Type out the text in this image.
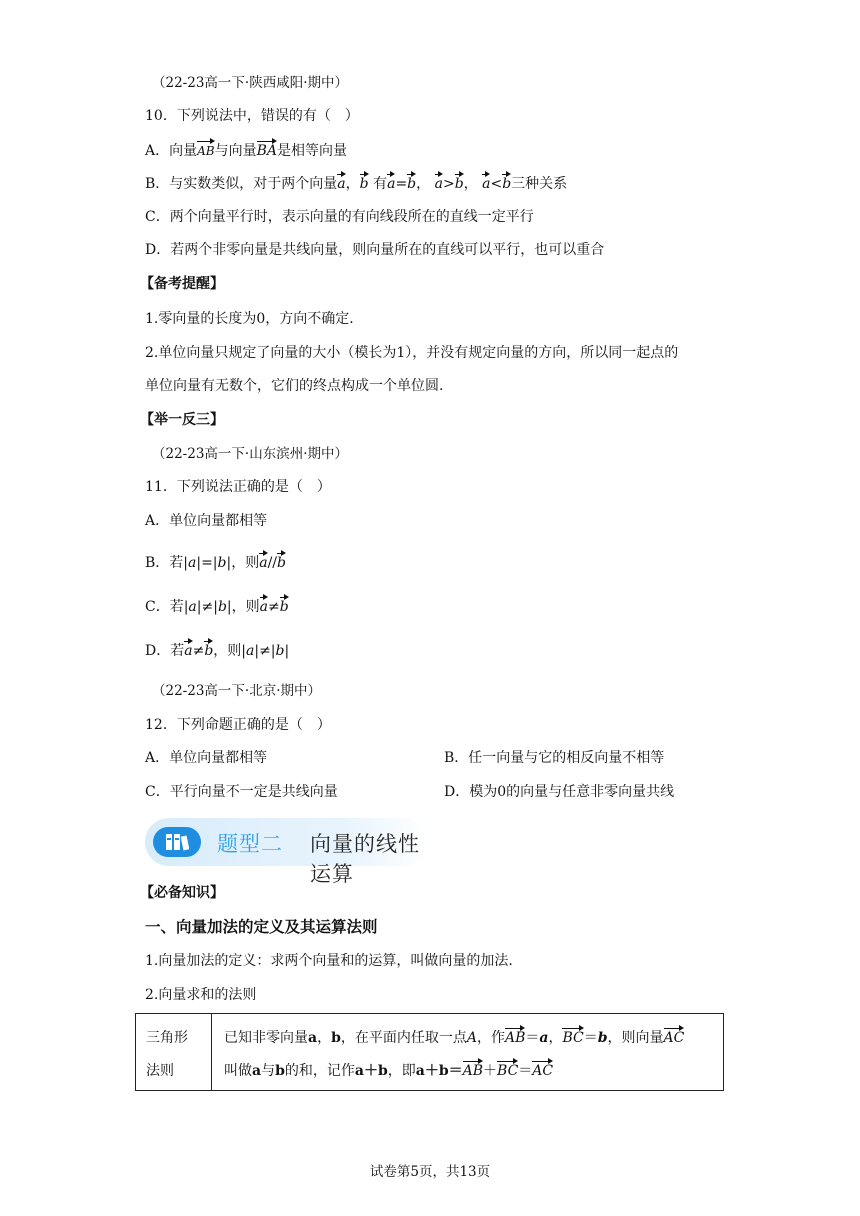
（22-23高一下·陕西咸阳·期中）
10．下列说法中，错误的有（　）
A．向量AB与向量BA是相等向量
B．与实数类似，对于两个向量a，b 有a=b， a>b， a<b三种关系
C．两个向量平行时，表示向量的有向线段所在的直线一定平行
D．若两个非零向量是共线向量，则向量所在的直线可以平行，也可以重合
【备考提醒】
1.零向量的长度为0，方向不确定.
2.单位向量只规定了向量的大小（模长为1），并没有规定向量的方向，所以同一起点的
单位向量有无数个，它们的终点构成一个单位圆.
【举一反三】
（22-23高一下·山东滨州·期中）
11．下列说法正确的是（　）
A．单位向量都相等
B．若|a|=|b|，则a//b
C．若|a|≠|b|，则a≠b
D．若a≠b，则|a|≠|b|
（22-23高一下·北京·期中）
12．下列命题正确的是（　）
A．单位向量都相等	B．任一向量与它的相反向量不相等
C．平行向量不一定是共线向量	D．模为0的向量与任意非零向量共线
题型二 向量的线性运算
【必备知识】
一、向量加法的定义及其运算法则
1.向量加法的定义：求两个向量和的运算，叫做向量的加法.
2.向量求和的法则
三角形
法则
已知非零向量a，b，在平面内任取一点A，作AB＝a，BC＝b，则向量AC
叫做a与b的和，记作a＋b，即a＋b＝AB＋BC＝AC
试卷第5页，共13页
